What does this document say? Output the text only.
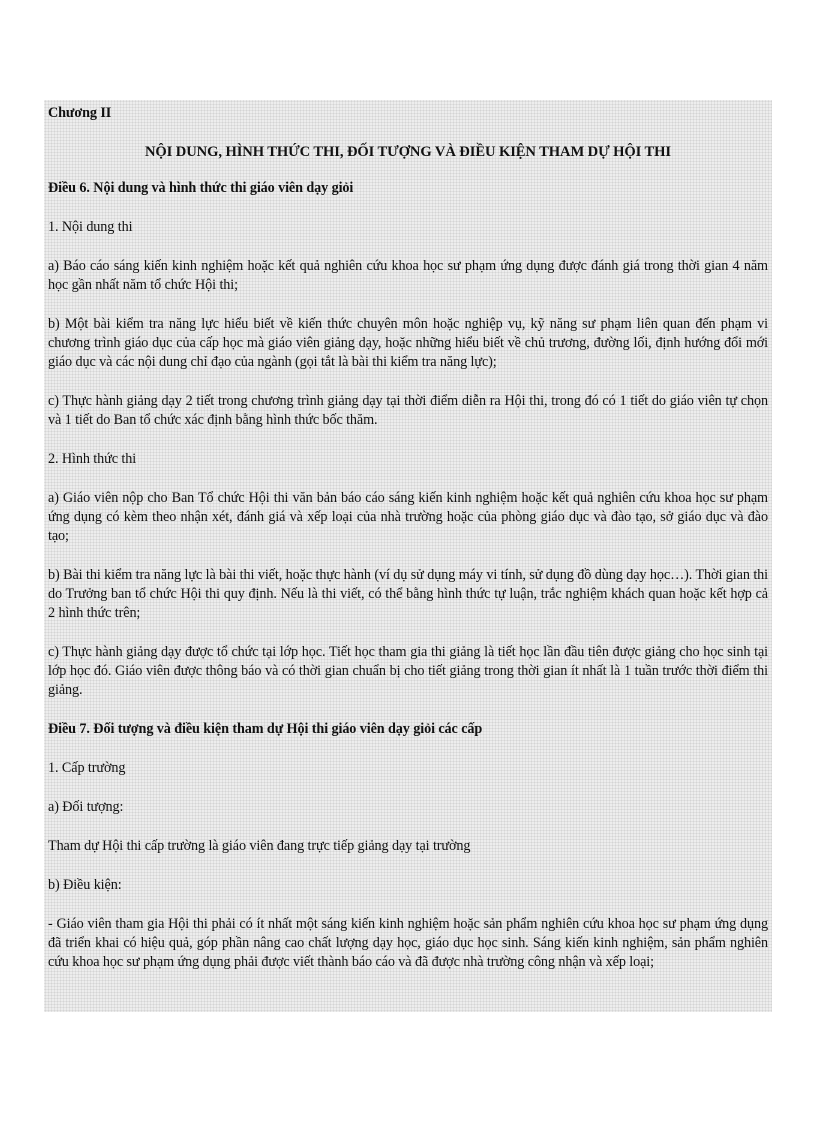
Chương II

NỘI DUNG, HÌNH THỨC THI, ĐỐI TƯỢNG VÀ ĐIỀU KIỆN THAM DỰ HỘI THI

Điều 6. Nội dung và hình thức thi giáo viên dạy giỏi

1. Nội dung thi

a) Báo cáo sáng kiến kinh nghiệm hoặc kết quả nghiên cứu khoa học sư phạm ứng dụng được đánh giá trong thời gian 4 năm học gần nhất năm tổ chức Hội thi;

b) Một bài kiểm tra năng lực hiểu biết về kiến thức chuyên môn hoặc nghiệp vụ, kỹ năng sư phạm liên quan đến phạm vi chương trình giáo dục của cấp học mà giáo viên giảng dạy, hoặc những hiểu biết về chủ trương, đường lối, định hướng đổi mới giáo dục và các nội dung chỉ đạo của ngành (gọi tắt là bài thi kiểm tra năng lực);

c) Thực hành giảng dạy 2 tiết trong chương trình giảng dạy tại thời điểm diễn ra Hội thi, trong đó có 1 tiết do giáo viên tự chọn và 1 tiết do Ban tổ chức xác định bằng hình thức bốc thăm.

2. Hình thức thi

a) Giáo viên nộp cho Ban Tổ chức Hội thi văn bản báo cáo sáng kiến kinh nghiệm hoặc kết quả nghiên cứu khoa học sư phạm ứng dụng có kèm theo nhận xét, đánh giá và xếp loại của nhà trường hoặc của phòng giáo dục và đào tạo, sở giáo dục và đào tạo;

b) Bài thi kiểm tra năng lực là bài thi viết, hoặc thực hành (ví dụ sử dụng máy vi tính, sử dụng đồ dùng dạy học…). Thời gian thi do Trưởng ban tổ chức Hội thi quy định. Nếu là thi viết, có thể bằng hình thức tự luận, trắc nghiệm khách quan hoặc kết hợp cả 2 hình thức trên;

c) Thực hành giảng dạy được tổ chức tại lớp học. Tiết học tham gia thi giảng là tiết học lần đầu tiên được giảng cho học sinh tại lớp học đó. Giáo viên được thông báo và có thời gian chuẩn bị cho tiết giảng trong thời gian ít nhất là 1 tuần trước thời điểm thi giảng.

Điều 7. Đối tượng và điều kiện tham dự Hội thi giáo viên dạy giỏi các cấp

1. Cấp trường

a) Đối tượng:

Tham dự Hội thi cấp trường là giáo viên đang trực tiếp giảng dạy tại trường

b) Điều kiện:

- Giáo viên tham gia Hội thi phải có ít nhất một sáng kiến kinh nghiệm hoặc sản phẩm nghiên cứu khoa học sư phạm ứng dụng đã triển khai có hiệu quả, góp phần nâng cao chất lượng dạy học, giáo dục học sinh. Sáng kiến kinh nghiệm, sản phẩm nghiên cứu khoa học sư phạm ứng dụng phải được viết thành báo cáo và đã được nhà trường công nhận và xếp loại;
